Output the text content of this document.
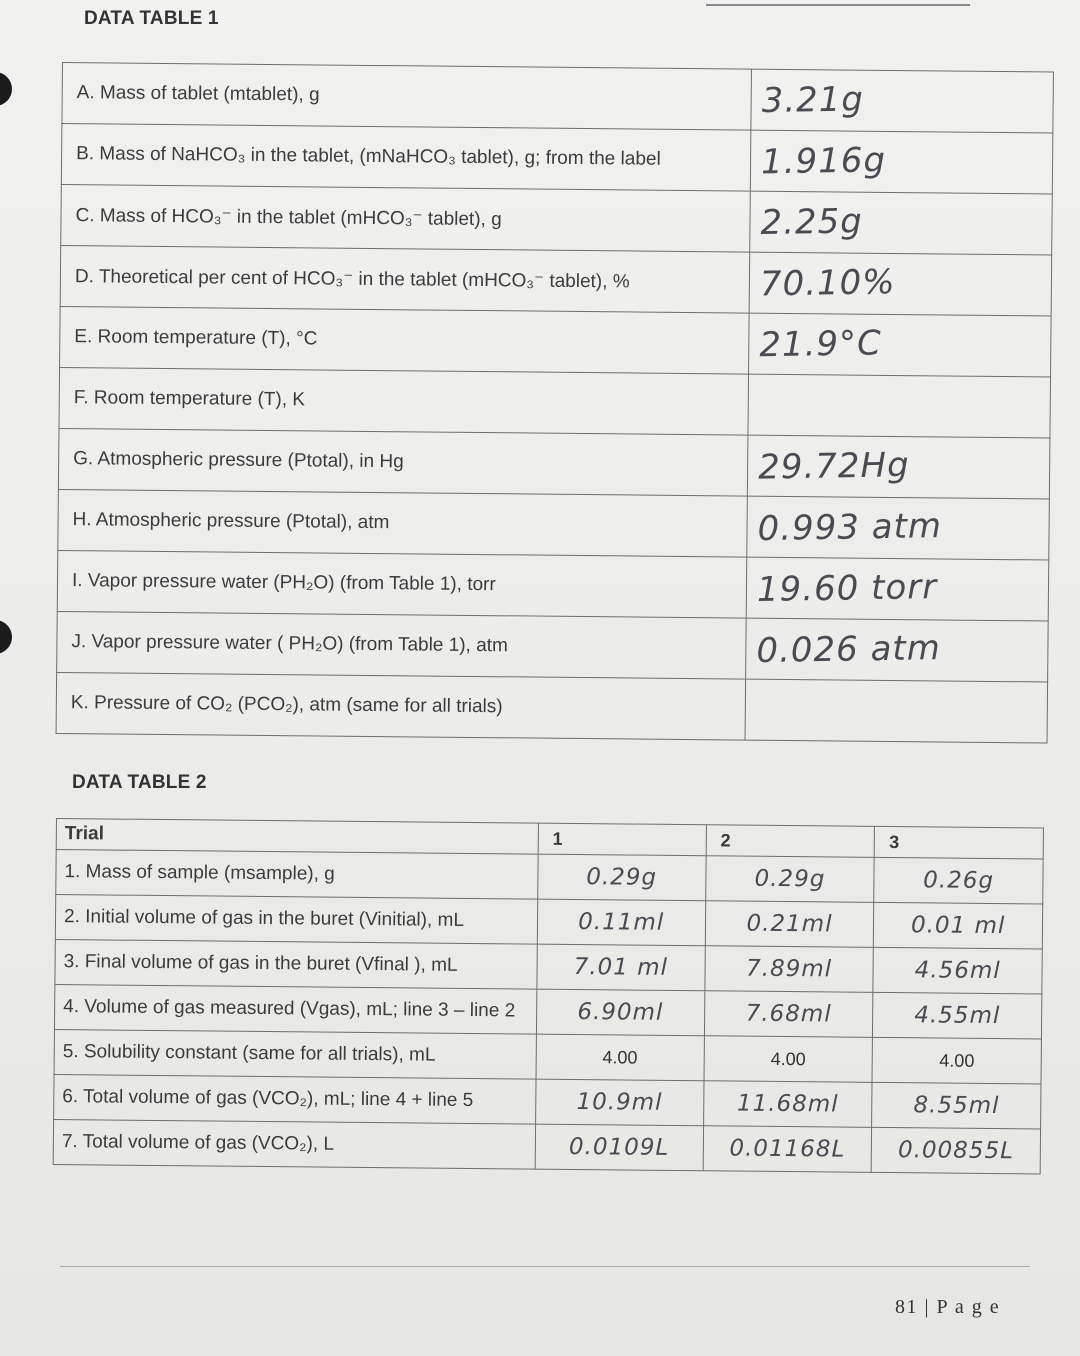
DATA TABLE 1
A. Mass of tablet (mtablet), g	3.21g
B. Mass of NaHCO₃ in the tablet, (mNaHCO₃ tablet), g; from the label	1.916g
C. Mass of HCO₃⁻ in the tablet (mHCO₃⁻ tablet), g	2.25g
D. Theoretical per cent of HCO₃⁻ in the tablet (mHCO₃⁻ tablet), %	70.10%
E. Room temperature (T), °C	21.9°C
F. Room temperature (T), K	
G. Atmospheric pressure (Ptotal), in Hg	29.72Hg
H. Atmospheric pressure (Ptotal), atm	0.993 atm
I. Vapor pressure water (PH₂O) (from Table 1), torr	19.60 torr
J. Vapor pressure water ( PH₂O) (from Table 1), atm	0.026 atm
K. Pressure of CO₂ (PCO₂), atm (same for all trials)	
DATA TABLE 2
Trial	1	2	3
1. Mass of sample (msample), g	0.29g	0.29g	0.26g
2. Initial volume of gas in the buret (Vinitial), mL	0.11ml	0.21ml	0.01 ml
3. Final volume of gas in the buret (Vfinal ), mL	7.01 ml	7.89ml	4.56ml
4. Volume of gas measured (Vgas), mL; line 3 – line 2	6.90ml	7.68ml	4.55ml
5. Solubility constant (same for all trials), mL	4.00	4.00	4.00
6. Total volume of gas (VCO₂), mL; line 4 + line 5	10.9ml	11.68ml	8.55ml
7. Total volume of gas (VCO₂), L	0.0109L	0.01168L	0.00855L
81 | P a g e
